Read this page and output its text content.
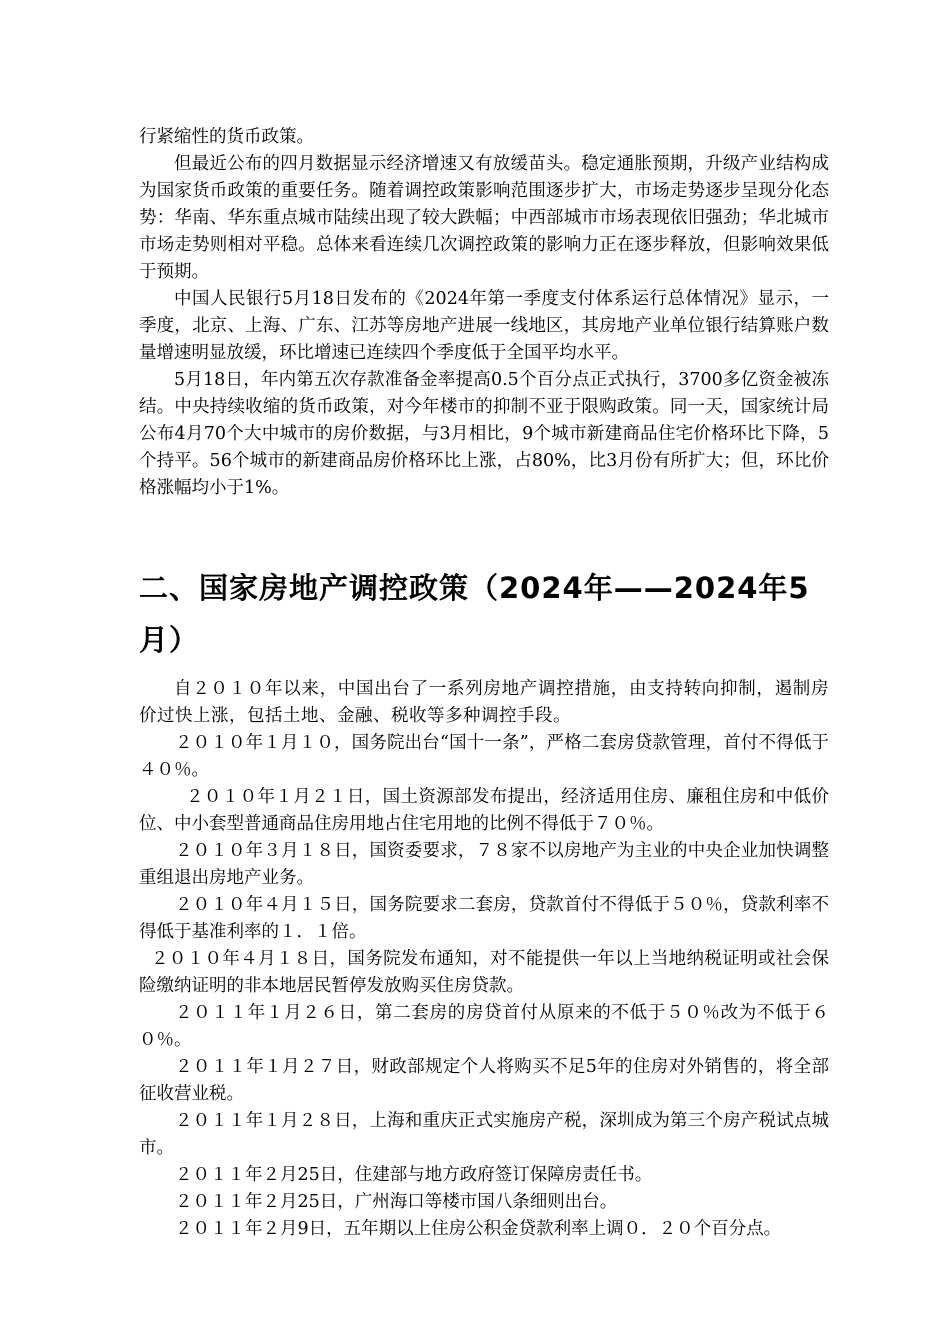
行紧缩性的货币政策。

但最近公布的四月数据显示经济增速又有放缓苗头。稳定通胀预期，升级产业结构成为国家货币政策的重要任务。随着调控政策影响范围逐步扩大，市场走势逐步呈现分化态势：华南、华东重点城市陆续出现了较大跌幅；中西部城市市场表现依旧强劲；华北城市市场走势则相对平稳。总体来看连续几次调控政策的影响力正在逐步释放，但影响效果低于预期。

中国人民银行5月18日发布的《2024年第一季度支付体系运行总体情况》显示，一季度，北京、上海、广东、江苏等房地产进展一线地区，其房地产业单位银行结算账户数量增速明显放缓，环比增速已连续四个季度低于全国平均水平。

5月18日，年内第五次存款准备金率提高0.5个百分点正式执行，3700多亿资金被冻结。中央持续收缩的货币政策，对今年楼市的抑制不亚于限购政策。同一天，国家统计局公布4月70个大中城市的房价数据，与3月相比，9个城市新建商品住宅价格环比下降，5个持平。56个城市的新建商品房价格环比上涨，占80%，比3月份有所扩大；但，环比价格涨幅均小于1%。

二、国家房地产调控政策（2024年——2024年5月）

自２０１０年以来，中国出台了一系列房地产调控措施，由支持转向抑制，遏制房价过快上涨，包括土地、金融、税收等多种调控手段。

２０１０年１月１０，国务院出台“国十一条”，严格二套房贷款管理，首付不得低于４０％。

２０１０年１月２１日，国土资源部发布提出，经济适用住房、廉租住房和中低价位、中小套型普通商品住房用地占住宅用地的比例不得低于７０％。

２０１０年３月１８日，国资委要求，７８家不以房地产为主业的中央企业加快调整重组退出房地产业务。

２０１０年４月１５日，国务院要求二套房，贷款首付不得低于５０％，贷款利率不得低于基准利率的１．１倍。

２０１０年４月１８日，国务院发布通知，对不能提供一年以上当地纳税证明或社会保险缴纳证明的非本地居民暂停发放购买住房贷款。

２０１１年１月２６日，第二套房的房贷首付从原来的不低于５０％改为不低于６０％。

２０１１年１月２７日，财政部规定个人将购买不足5年的住房对外销售的，将全部征收营业税。

２０１１年１月２８日，上海和重庆正式实施房产税，深圳成为第三个房产税试点城市。

２０１１年２月25日，住建部与地方政府签订保障房责任书。

２０１１年２月25日，广州海口等楼市国八条细则出台。

２０１１年２月9日，五年期以上住房公积金贷款利率上调０．２０个百分点。
